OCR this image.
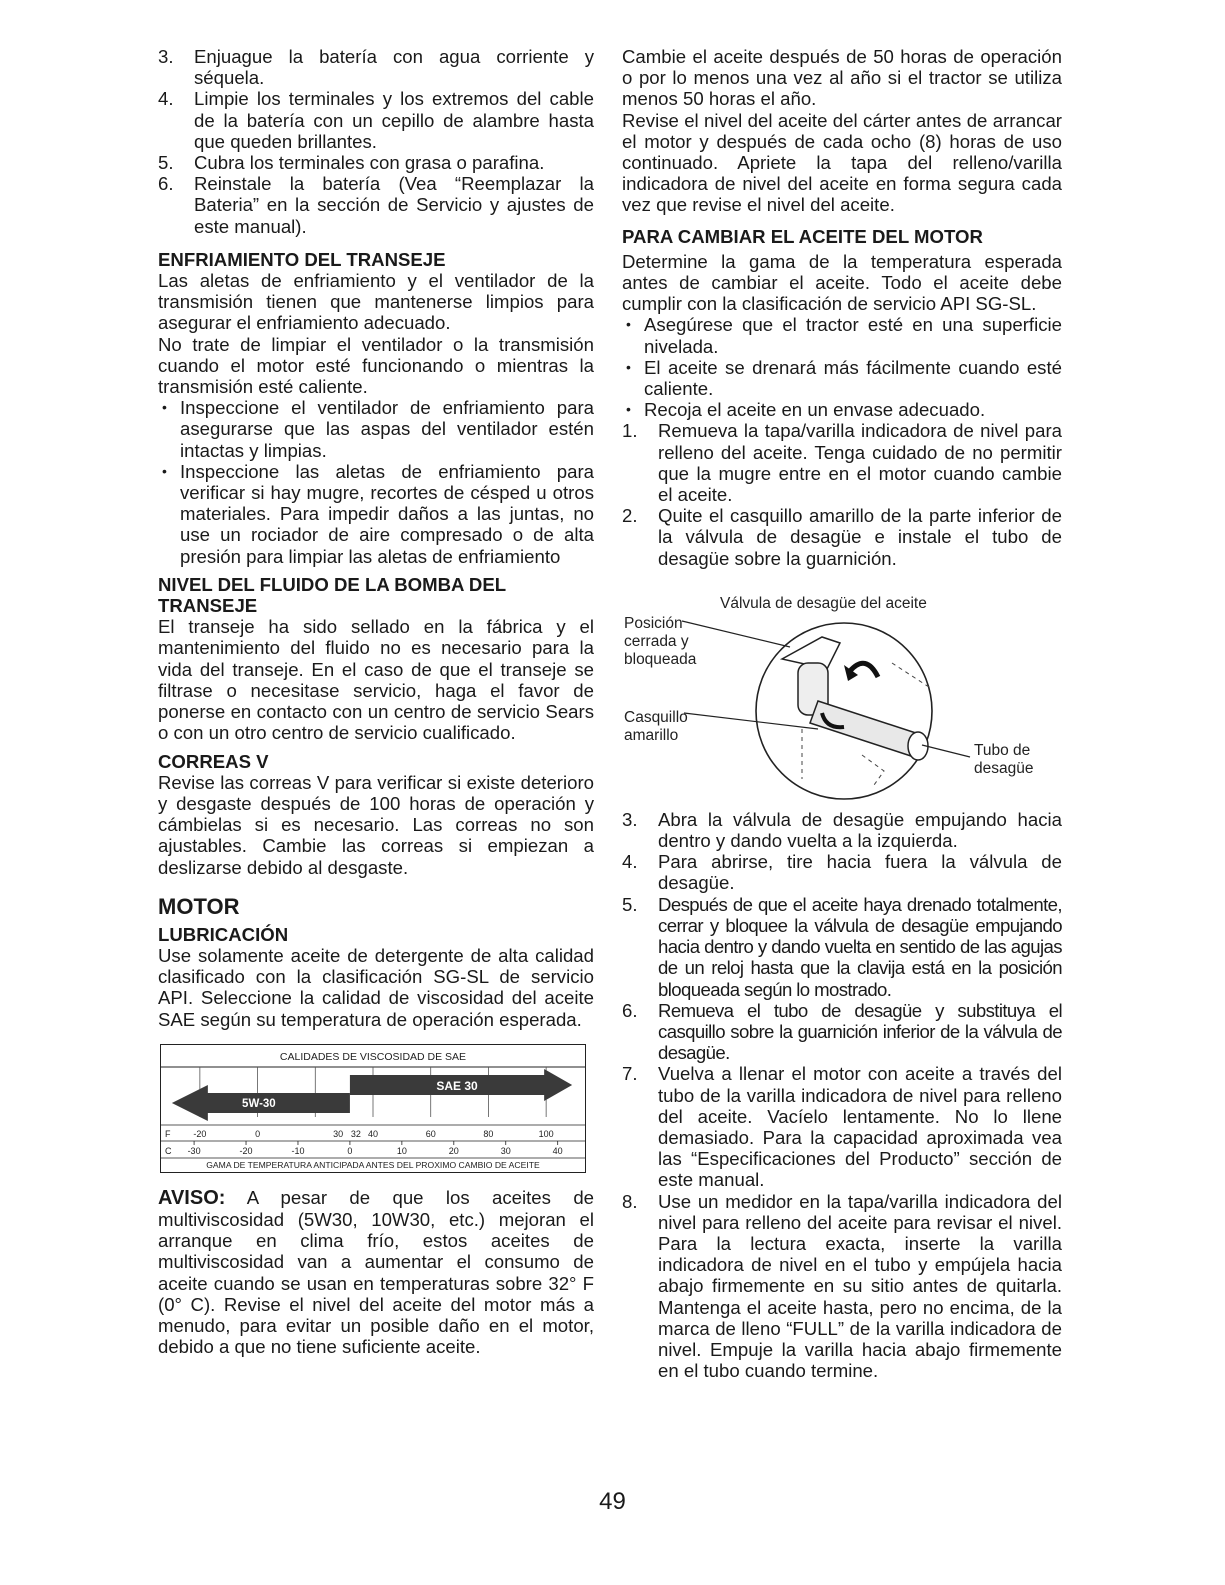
3. Enjuague la batería con agua corriente y séquela.
4. Limpie los terminales y los extremos del cable de la batería con un cepillo de alambre hasta que queden brillantes.
5. Cubra los terminales con grasa o parafina.
6. Reinstale la batería (Vea “Reemplazar la Bateria” en la sección de Servicio y ajustes de este manual).
ENFRIAMIENTO DEL TRANSEJE

Las aletas de enfriamiento y el ventilador de la transmisión tienen que mantenerse limpios para asegurar el enfriamiento adecuado.

No trate de limpiar el ventilador o la transmisión cuando el motor esté funcionando o mientras la transmisión esté caliente.

• Inspeccione el ventilador de enfriamiento para asegurarse que las aspas del ventilador estén intactas y limpias.
• Inspeccione las aletas de enfriamiento para verificar si hay mugre, recortes de césped u otros materiales. Para impedir daños a las juntas, no use un rociador de aire compresado o de alta presión para limpiar las aletas de enfriamiento
NIVEL DEL FLUIDO DE LA BOMBA DEL TRANSEJE

El transeje ha sido sellado en la fábrica y el mantenimiento del fluido no es necesario para la vida del transeje. En el caso de que el transeje se filtrase o necesitase servicio, haga el favor de ponerse en contacto con un centro de servicio Sears o con un otro centro de servicio cualificado.

CORREAS V

Revise las correas V para verificar si existe deterioro y desgaste después de 100 horas de operación y cámbielas si es necesario. Las correas no son ajustables. Cambie las correas si empiezan a deslizarse debido al desgaste.

MOTOR
LUBRICACIÓN

Use solamente aceite de detergente de alta calidad clasificado con la clasificación SG-SL de servicio API. Seleccione la calidad de viscosidad del aceite SAE según su temperatura de operación esperada.

CALIDADES DE VISCOSIDAD DE SAE
SAE 30
5W-30
F	-20	0	30 32 40	60	80	100
C -30	-20	-10	0	10	20	30	40
GAMA DE TEMPERATURA ANTICIPADA ANTES DEL PROXIMO CAMBIO DE ACEITE

AVISO: A pesar de que los aceites de multiviscosidad (5W30, 10W30, etc.) mejoran el arranque en clima frío, estos aceites de multiviscosidad van a aumentar el consumo de aceite cuando se usan en temperaturas sobre 32° F (0° C). Revise el nivel del aceite del motor más a menudo, para evitar un posible daño en el motor, debido a que no tiene suficiente aceite.

Cambie el aceite después de 50 horas de operación o por lo menos una vez al año si el tractor se utiliza menos 50 horas el año.

Revise el nivel del aceite del cárter antes de arrancar el motor y después de cada ocho (8) horas de uso continuado. Apriete la tapa del relleno/varilla indicadora de nivel del aceite en forma segura cada vez que revise el nivel del aceite.

PARA CAMBIAR EL ACEITE DEL MOTOR

Determine la gama de la temperatura esperada antes de cambiar el aceite. Todo el aceite debe cumplir con la clasificación de servicio API SG-SL.

• Asegúrese que el tractor esté en una superficie nivelada.
• El aceite se drenará más fácilmente cuando esté caliente.
• Recoja el aceite en un envase adecuado.
1. Remueva la tapa/varilla indicadora de nivel para relleno del aceite. Tenga cuidado de no permitir que la mugre entre en el motor cuando cambie el aceite.
2. Quite el casquillo amarillo de la parte inferior de la válvula de desagüe e instale el tubo de desagüe sobre la guarnición.
Válvula de desagüe del aceite
Posición
cerrada y
bloqueada
Casquillo
amarillo
Tubo de
desagüe
3. Abra la válvula de desagüe empujando hacia dentro y dando vuelta a la izquierda.
4. Para abrirse, tire hacia fuera la válvula de desagüe.
5. Después de que el aceite haya drenado totalmente, cerrar y bloquee la válvula de desagüe empujando hacia dentro y dando vuelta en sentido de las agujas de un reloj hasta que la clavija está en la posición bloqueada según lo mostrado.
6. Remueva el tubo de desagüe y substituya el casquillo sobre la guarnición inferior de la válvula de desagüe.
7. Vuelva a llenar el motor con aceite a través del tubo de la varilla indicadora de nivel para relleno del aceite. Vacíelo lentamente. No lo llene demasiado. Para la capacidad aproximada vea las “Especificaciones del Producto” sección de este manual.
8. Use un medidor en la tapa/varilla indicadora del nivel para relleno del aceite para revisar el nivel. Para la lectura exacta, inserte la varilla indicadora de nivel en el tubo y empújela hacia abajo firmemente en su sitio antes de quitarla. Mantenga el aceite hasta, pero no encima, de la marca de lleno “FULL” de la varilla indicadora de nivel. Empuje la varilla hacia abajo firmemente en el tubo cuando termine.
49
